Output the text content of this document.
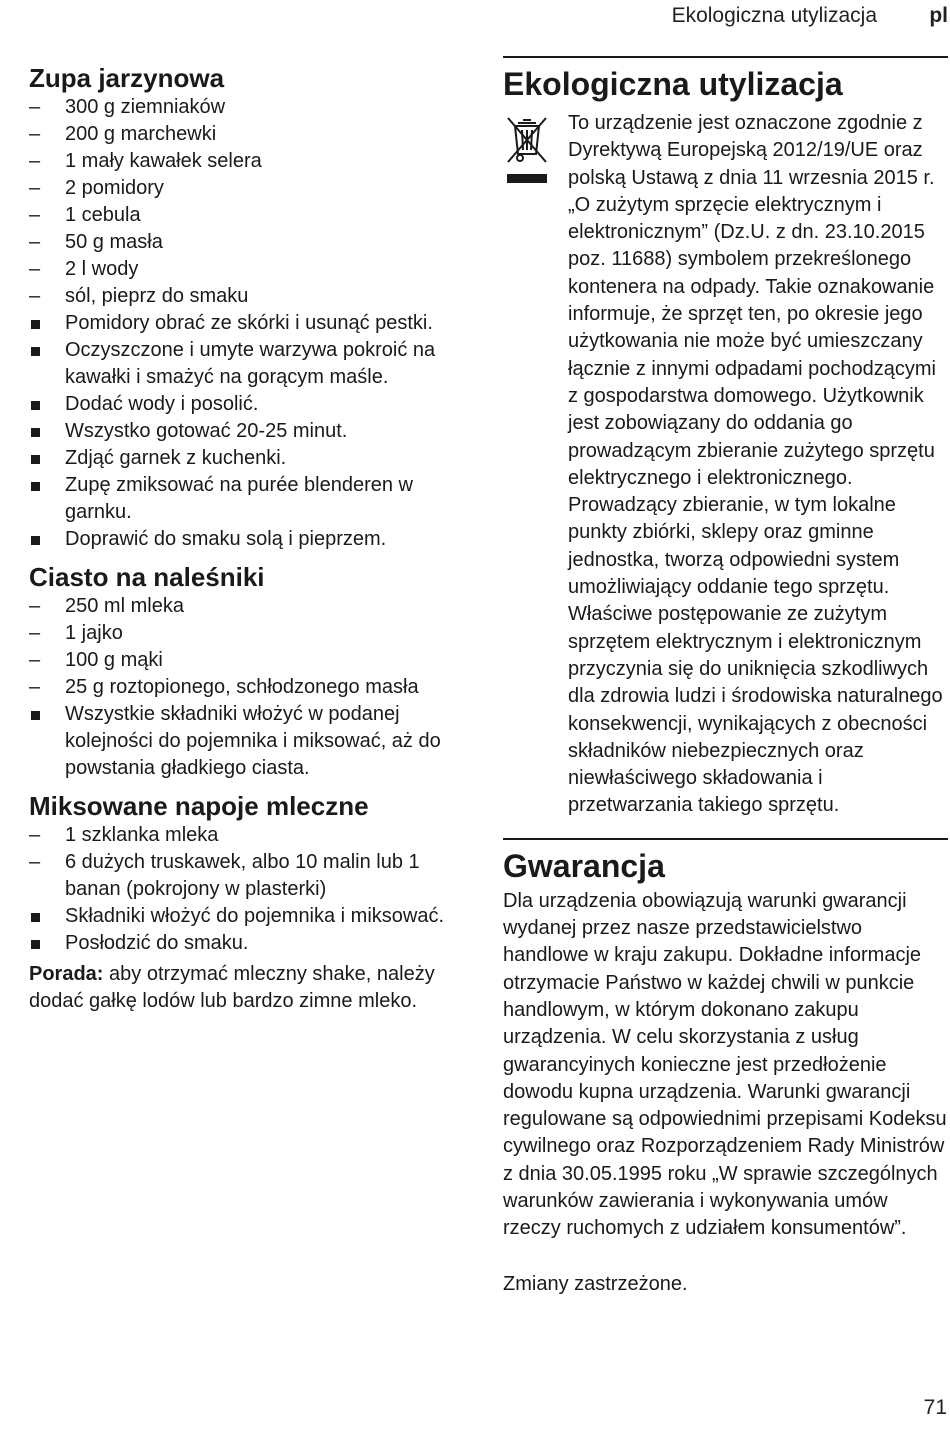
Ekologiczna utylizacja pl
Zupa jarzynowa
–	300 g ziemniaków
–	200 g marchewki
–	1 mały kawałek selera
–	2 pomidory
–	1 cebula
–	50 g masła
–	2 l wody
–	sól, pieprz do smaku
Pomidory obrać ze skórki i usunąć pestki.
Oczyszczone i umyte warzywa pokroić na kawałki i smażyć na gorącym maśle.
Dodać wody i posolić.
Wszystko gotować 20-25 minut.
Zdjąć garnek z kuchenki.
Zupę zmiksować na purée blenderen w garnku.
Doprawić do smaku solą i pieprzem.
Ciasto na naleśniki
–	250 ml mleka
–	1 jajko
–	100 g mąki
–	25 g roztopionego, schłodzonego masła
Wszystkie składniki włożyć w podanej kolejności do pojemnika i miksować, aż do powstania gładkiego ciasta.
Miksowane napoje mleczne
–	1 szklanka mleka
–	6 dużych truskawek, albo 10 malin lub 1 banan (pokrojony w plasterki)
Składniki włożyć do pojemnika i miksować.
Posłodzić do smaku.

Porada: aby otrzymać mleczny shake, należy dodać gałkę lodów lub bardzo zimne mleko.

Ekologiczna utylizacja

To urządzenie jest oznaczone zgodnie z Dyrektywą Europejską 2012/19/UE oraz polską Ustawą z dnia 11 wrzesnia 2015 r. „O zużytym sprzęcie elektrycznym i elektronicznym” (Dz.U. z dn. 23.10.2015 poz. 11688) symbolem przekreślonego kontenera na odpady. Takie oznakowanie informuje, że sprzęt ten, po okresie jego użytkowania nie może być umieszczany łącznie z innymi odpadami pochodzącymi z gospodarstwa domowego. Użytkownik jest zobowiązany do oddania go prowadzącym zbieranie zużytego sprzętu elektrycznego i elektronicznego. Prowadzący zbieranie, w tym lokalne punkty zbiórki, sklepy oraz gminne jednostka, tworzą odpowiedni system umożliwiający oddanie tego sprzętu. Właściwe postępowanie ze zużytym sprzętem elektrycznym i elektronicznym przyczynia się do uniknięcia szkodliwych dla zdrowia ludzi i środowiska naturalnego konsekwencji, wynikających z obecności składników niebezpiecznych oraz niewłaściwego składowania i przetwarzania takiego sprzętu.

Gwarancja

Dla urządzenia obowiązują warunki gwarancji wydanej przez nasze przedstawicielstwo handlowe w kraju zakupu. Dokładne informacje otrzymacie Państwo w każdej chwili w punkcie handlowym, w którym dokonano zakupu urządzenia. W celu skorzystania z usług gwarancyinych konieczne jest przedłożenie dowodu kupna urządzenia. Warunki gwarancji regulowane są odpowiednimi przepisami Kodeksu cywilnego oraz Rozporządzeniem Rady Ministrów z dnia 30.05.1995 roku „W sprawie szczególnych warunków zawierania i wykonywania umów rzeczy ruchomych z udziałem konsumentów”.

Zmiany zastrzeżone.

71
